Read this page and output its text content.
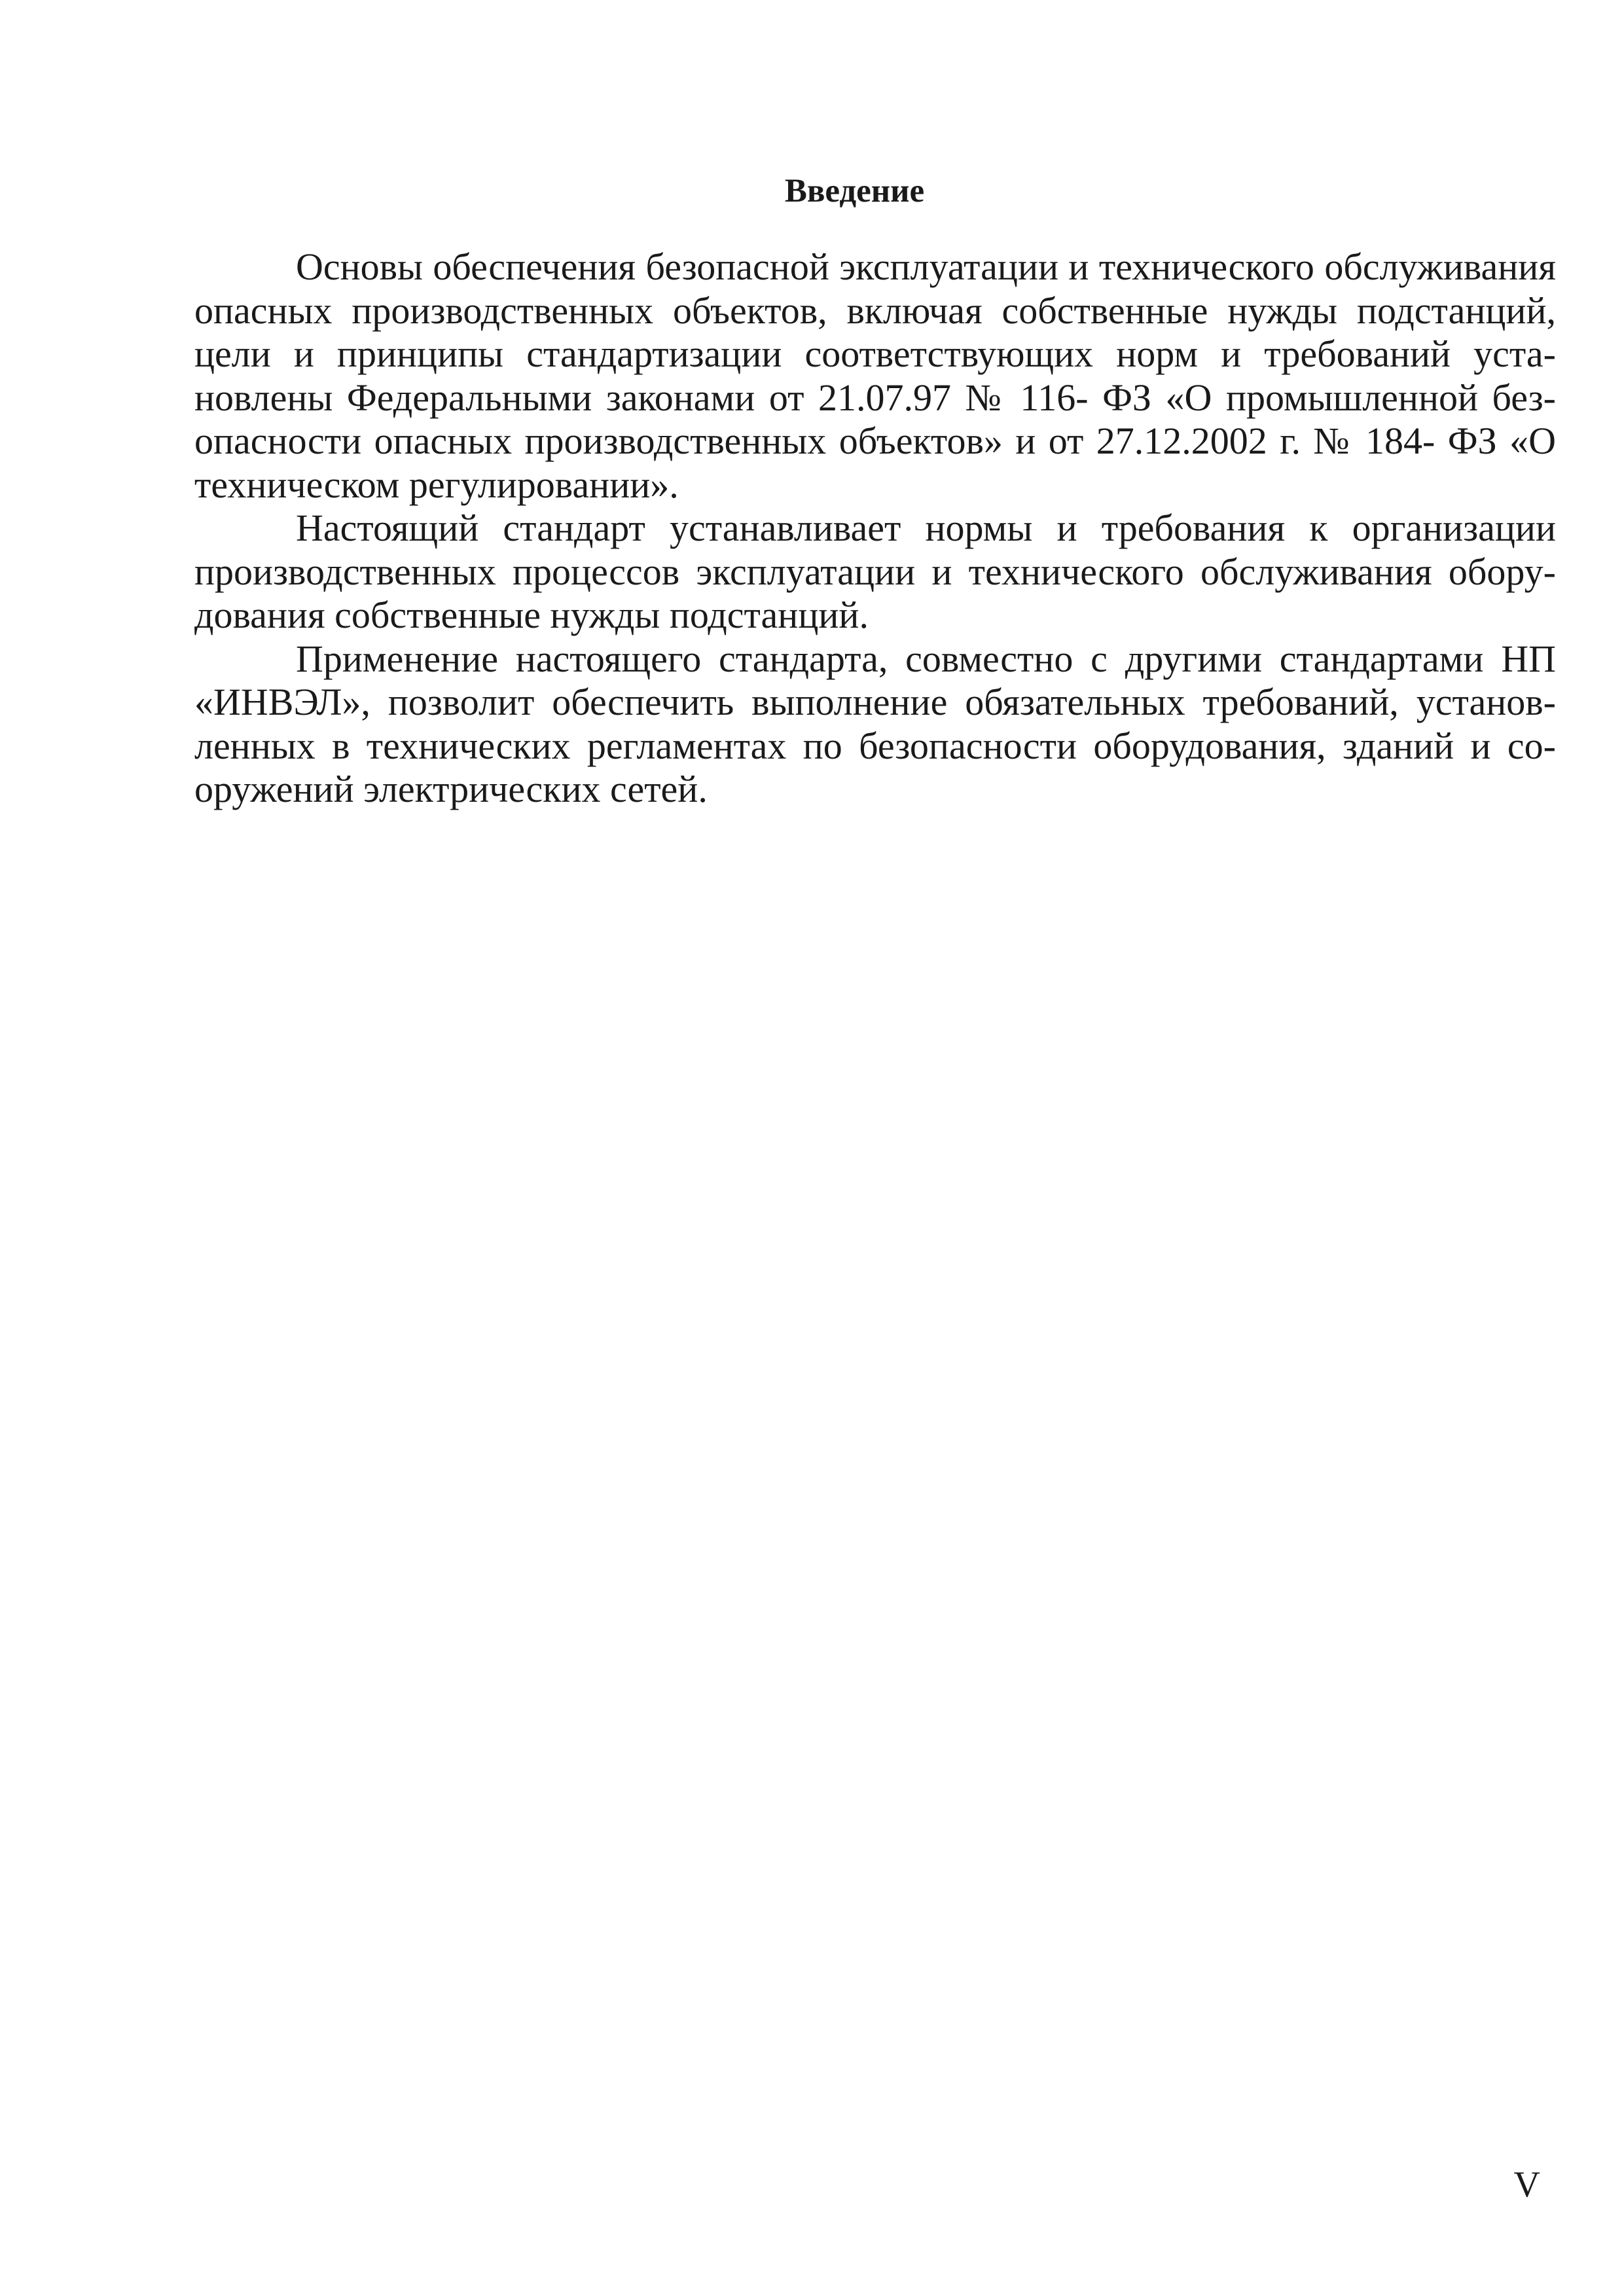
Введение

Основы обеспечения безопасной эксплуатации и технического обслуживания опасных производственных объектов, включая собственные нужды подстанций, цели и принципы стандартизации соответствующих норм и требований установлены Федеральными законами от 21.07.97 № 116- ФЗ «О промышленной безопасности опасных производственных объектов» и от 27.12.2002 г. № 184- ФЗ «О техническом регулировании».

Настоящий стандарт устанавливает нормы и требования к организации производственных процессов эксплуатации и технического обслуживания оборудования собственные нужды подстанций.

Применение настоящего стандарта, совместно с другими стандартами НП «ИНВЭЛ», позволит обеспечить выполнение обязательных требований, установленных в технических регламентах по безопасности оборудования, зданий и сооружений электрических сетей.

V
